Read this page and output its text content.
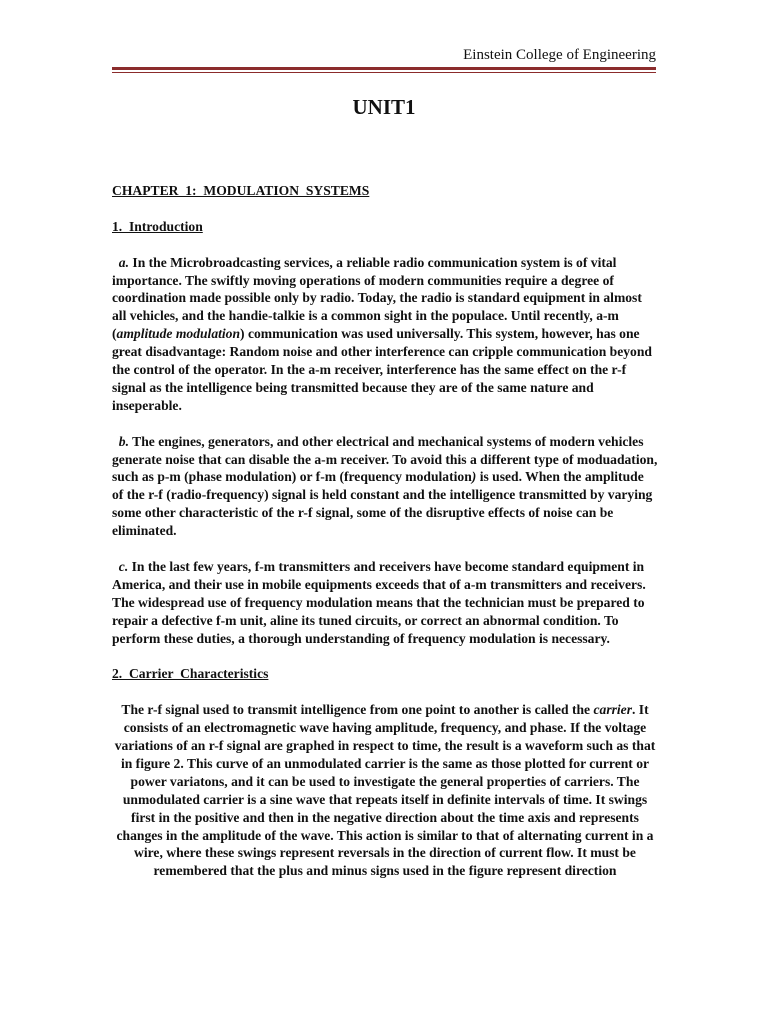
Einstein College of Engineering
UNIT1

CHAPTER  1:  MODULATION  SYSTEMS

1.  Introduction

a. In the Microbroadcasting services, a reliable radio communication system is of vital importance. The swiftly moving operations of modern communities require a degree of coordination made possible only by radio. Today, the radio is standard equipment in almost all vehicles, and the handie-talkie is a common sight in the populace. Until recently, a-m (amplitude modulation) communication was used universally. This system, however, has one great disadvantage: Random noise and other interference can cripple communication beyond the control of the operator. In the a-m receiver, interference has the same effect on the r-f signal as the intelligence being transmitted because they are of the same nature and inseperable.

b. The engines, generators, and other electrical and mechanical systems of modern vehicles generate noise that can disable the a-m receiver. To avoid this a different type of moduadation, such as p-m (phase modulation) or f-m (frequency modulation) is used. When the amplitude of the r-f (radio-frequency) signal is held constant and the intelligence transmitted by varying some other characteristic of the r-f signal, some of the disruptive effects of noise can be eliminated.

c. In the last few years, f-m transmitters and receivers have become standard equipment in America, and their use in mobile equipments exceeds that of a-m transmitters and receivers. The widespread use of frequency modulation means that the technician must be prepared to repair a defective f-m unit, aline its tuned circuits, or correct an abnormal condition. To perform these duties, a thorough understanding of frequency modulation is necessary.

2.  Carrier  Characteristics

The r-f signal used to transmit intelligence from one point to another is called the carrier. It consists of an electromagnetic wave having amplitude, frequency, and phase. If the voltage variations of an r-f signal are graphed in respect to time, the result is a waveform such as that in figure 2. This curve of an unmodulated carrier is the same as those plotted for current or power variatons, and it can be used to investigate the general properties of carriers. The unmodulated carrier is a sine wave that repeats itself in definite intervals of time. It swings first in the positive and then in the negative direction about the time axis and represents changes in the amplitude of the wave. This action is similar to that of alternating current in a wire, where these swings represent reversals in the direction of current flow. It must be remembered that the plus and minus signs used in the figure represent direction
